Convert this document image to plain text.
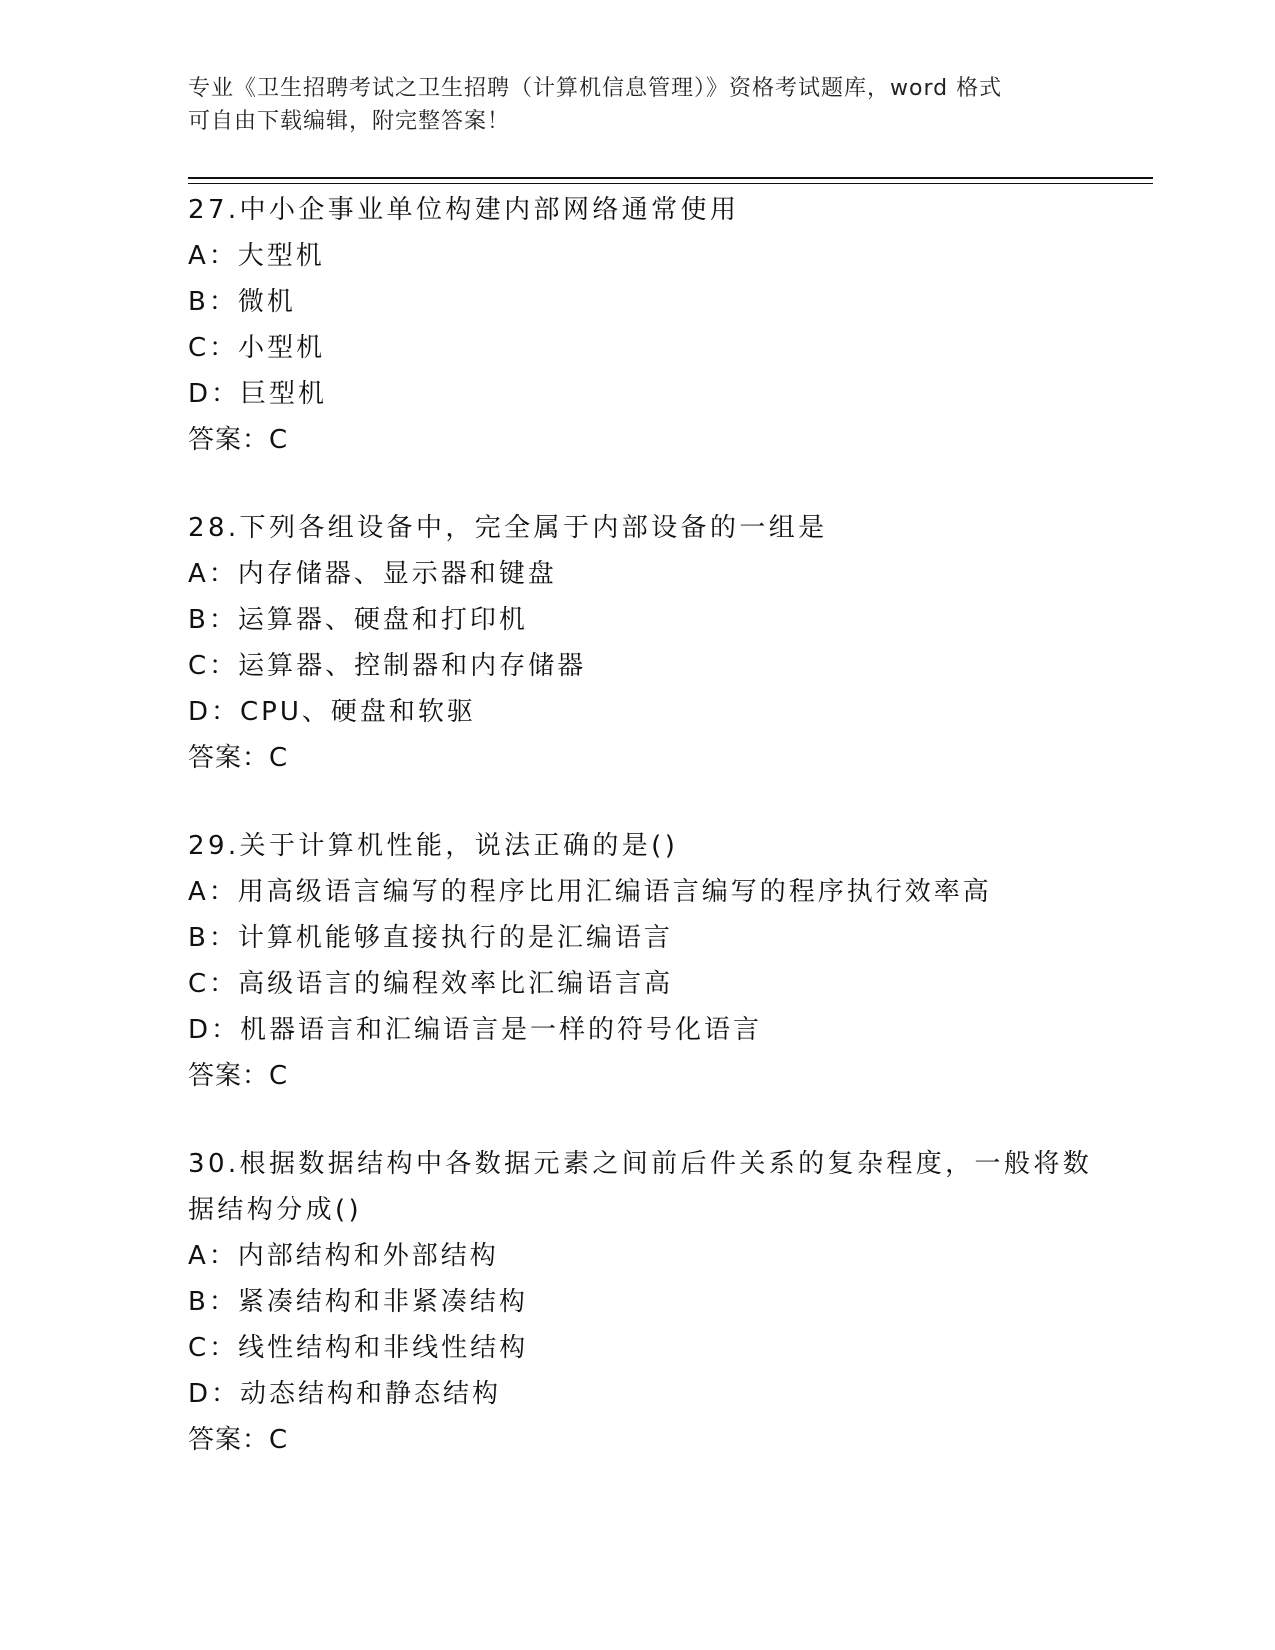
专业《卫生招聘考试之卫生招聘（计算机信息管理）》资格考试题库，word 格式
可自由下载编辑，附完整答案！
27.中小企事业单位构建内部网络通常使用
A：大型机
B：微机
C：小型机
D：巨型机
答案：C
28.下列各组设备中，完全属于内部设备的一组是
A：内存储器、显示器和键盘
B：运算器、硬盘和打印机
C：运算器、控制器和内存储器
D：CPU、硬盘和软驱
答案：C
29.关于计算机性能，说法正确的是()
A：用高级语言编写的程序比用汇编语言编写的程序执行效率高
B：计算机能够直接执行的是汇编语言
C：高级语言的编程效率比汇编语言高
D：机器语言和汇编语言是一样的符号化语言
答案：C
30.根据数据结构中各数据元素之间前后件关系的复杂程度，一般将数
据结构分成()
A：内部结构和外部结构
B：紧凑结构和非紧凑结构
C：线性结构和非线性结构
D：动态结构和静态结构
答案：C
